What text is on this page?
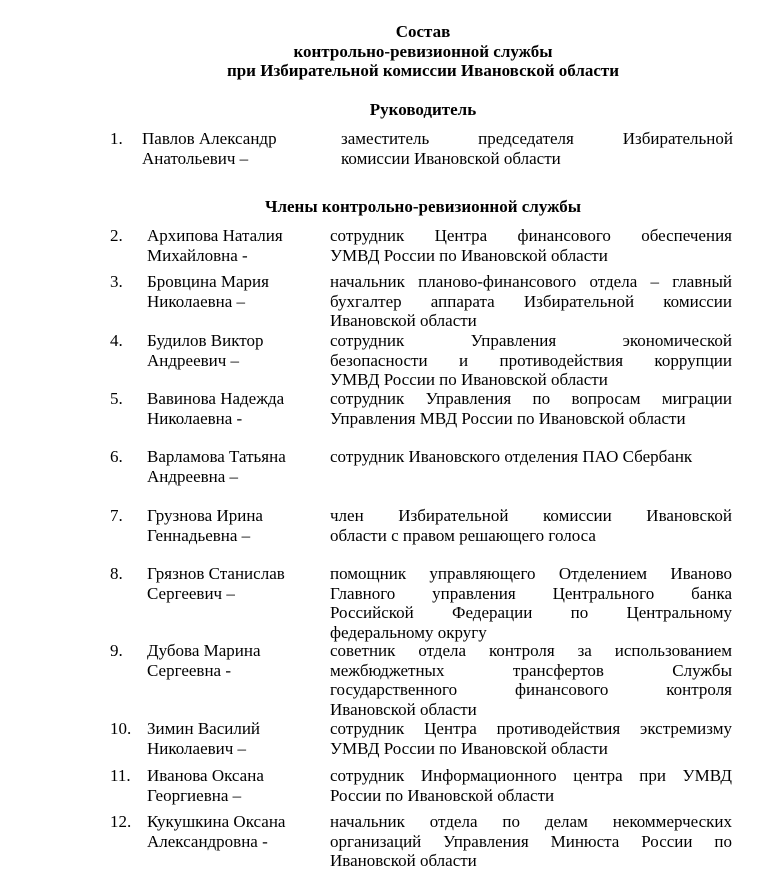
Состав
контрольно-ревизионной службы
при Избирательной комиссии Ивановской области
Руководитель
1. Павлов Александр
Анатольевич –
заместитель председателя Избирательной
комиссии Ивановской области
Члены контрольно-ревизионной службы
2. Архипова Наталия
Михайловна -
сотрудник Центра финансового обеспечения
УМВД России по Ивановской области
3. Бровцина Мария
Николаевна –
начальник планово-финансового отдела – главный
бухгалтер аппарата Избирательной комиссии
Ивановской области
4. Будилов Виктор
Андреевич –
сотрудник Управления экономической
безопасности и противодействия коррупции
УМВД России по Ивановской области
5. Вавинова Надежда
Николаевна -
сотрудник Управления по вопросам миграции
Управления МВД России по Ивановской области
6. Варламова Татьяна
Андреевна –
сотрудник Ивановского отделения ПАО Сбербанк
7. Грузнова Ирина
Геннадьевна –
член Избирательной комиссии Ивановской
области с правом решающего голоса
8. Грязнов Станислав
Сергеевич –
помощник управляющего Отделением Иваново
Главного управления Центрального банка
Российской Федерации по Центральному
федеральному округу
9. Дубова Марина
Сергеевна -
советник отдела контроля за использованием
межбюджетных трансфертов Службы
государственного финансового контроля
Ивановской области
10. Зимин Василий
Николаевич –
сотрудник Центра противодействия экстремизму
УМВД России по Ивановской области
11. Иванова Оксана
Георгиевна –
сотрудник Информационного центра при УМВД
России по Ивановской области
12. Кукушкина Оксана
Александровна -
начальник отдела по делам некоммерческих
организаций Управления Минюста России по
Ивановской области
